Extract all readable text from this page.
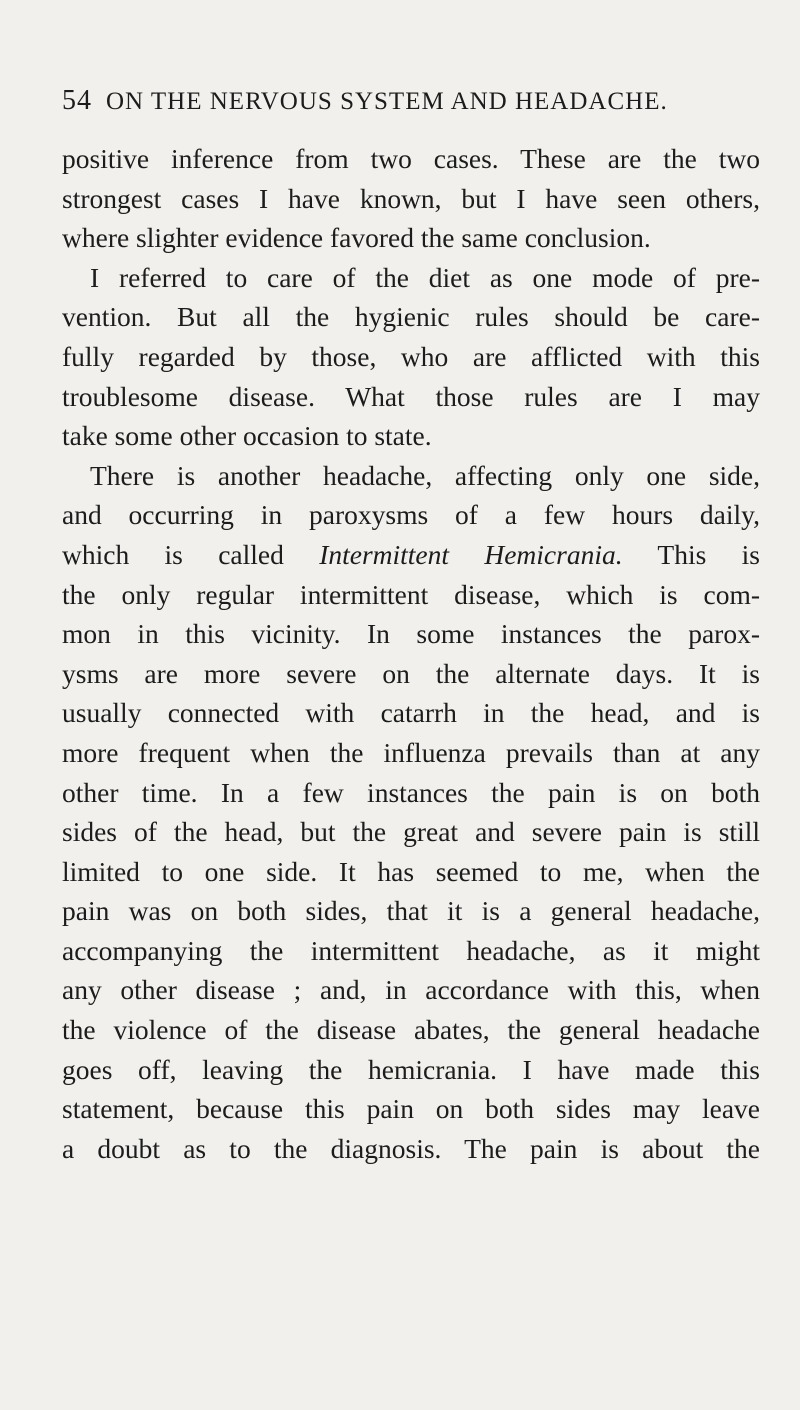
54 ON THE NERVOUS SYSTEM AND HEADACHE.
positive inference from two cases. These are the two
strongest cases I have known, but I have seen others,
where slighter evidence favored the same conclusion.
I referred to care of the diet as one mode of pre-
vention. But all the hygienic rules should be care-
fully regarded by those, who are afflicted with this
troublesome disease. What those rules are I may
take some other occasion to state.
There is another headache, affecting only one side,
and occurring in paroxysms of a few hours daily,
which is called Intermittent Hemicrania. This is
the only regular intermittent disease, which is com-
mon in this vicinity. In some instances the parox-
ysms are more severe on the alternate days. It is
usually connected with catarrh in the head, and is
more frequent when the influenza prevails than at any
other time. In a few instances the pain is on both
sides of the head, but the great and severe pain is still
limited to one side. It has seemed to me, when the
pain was on both sides, that it is a general headache,
accompanying the intermittent headache, as it might
any other disease ; and, in accordance with this, when
the violence of the disease abates, the general headache
goes off, leaving the hemicrania. I have made this
statement, because this pain on both sides may leave
a doubt as to the diagnosis. The pain is about the
